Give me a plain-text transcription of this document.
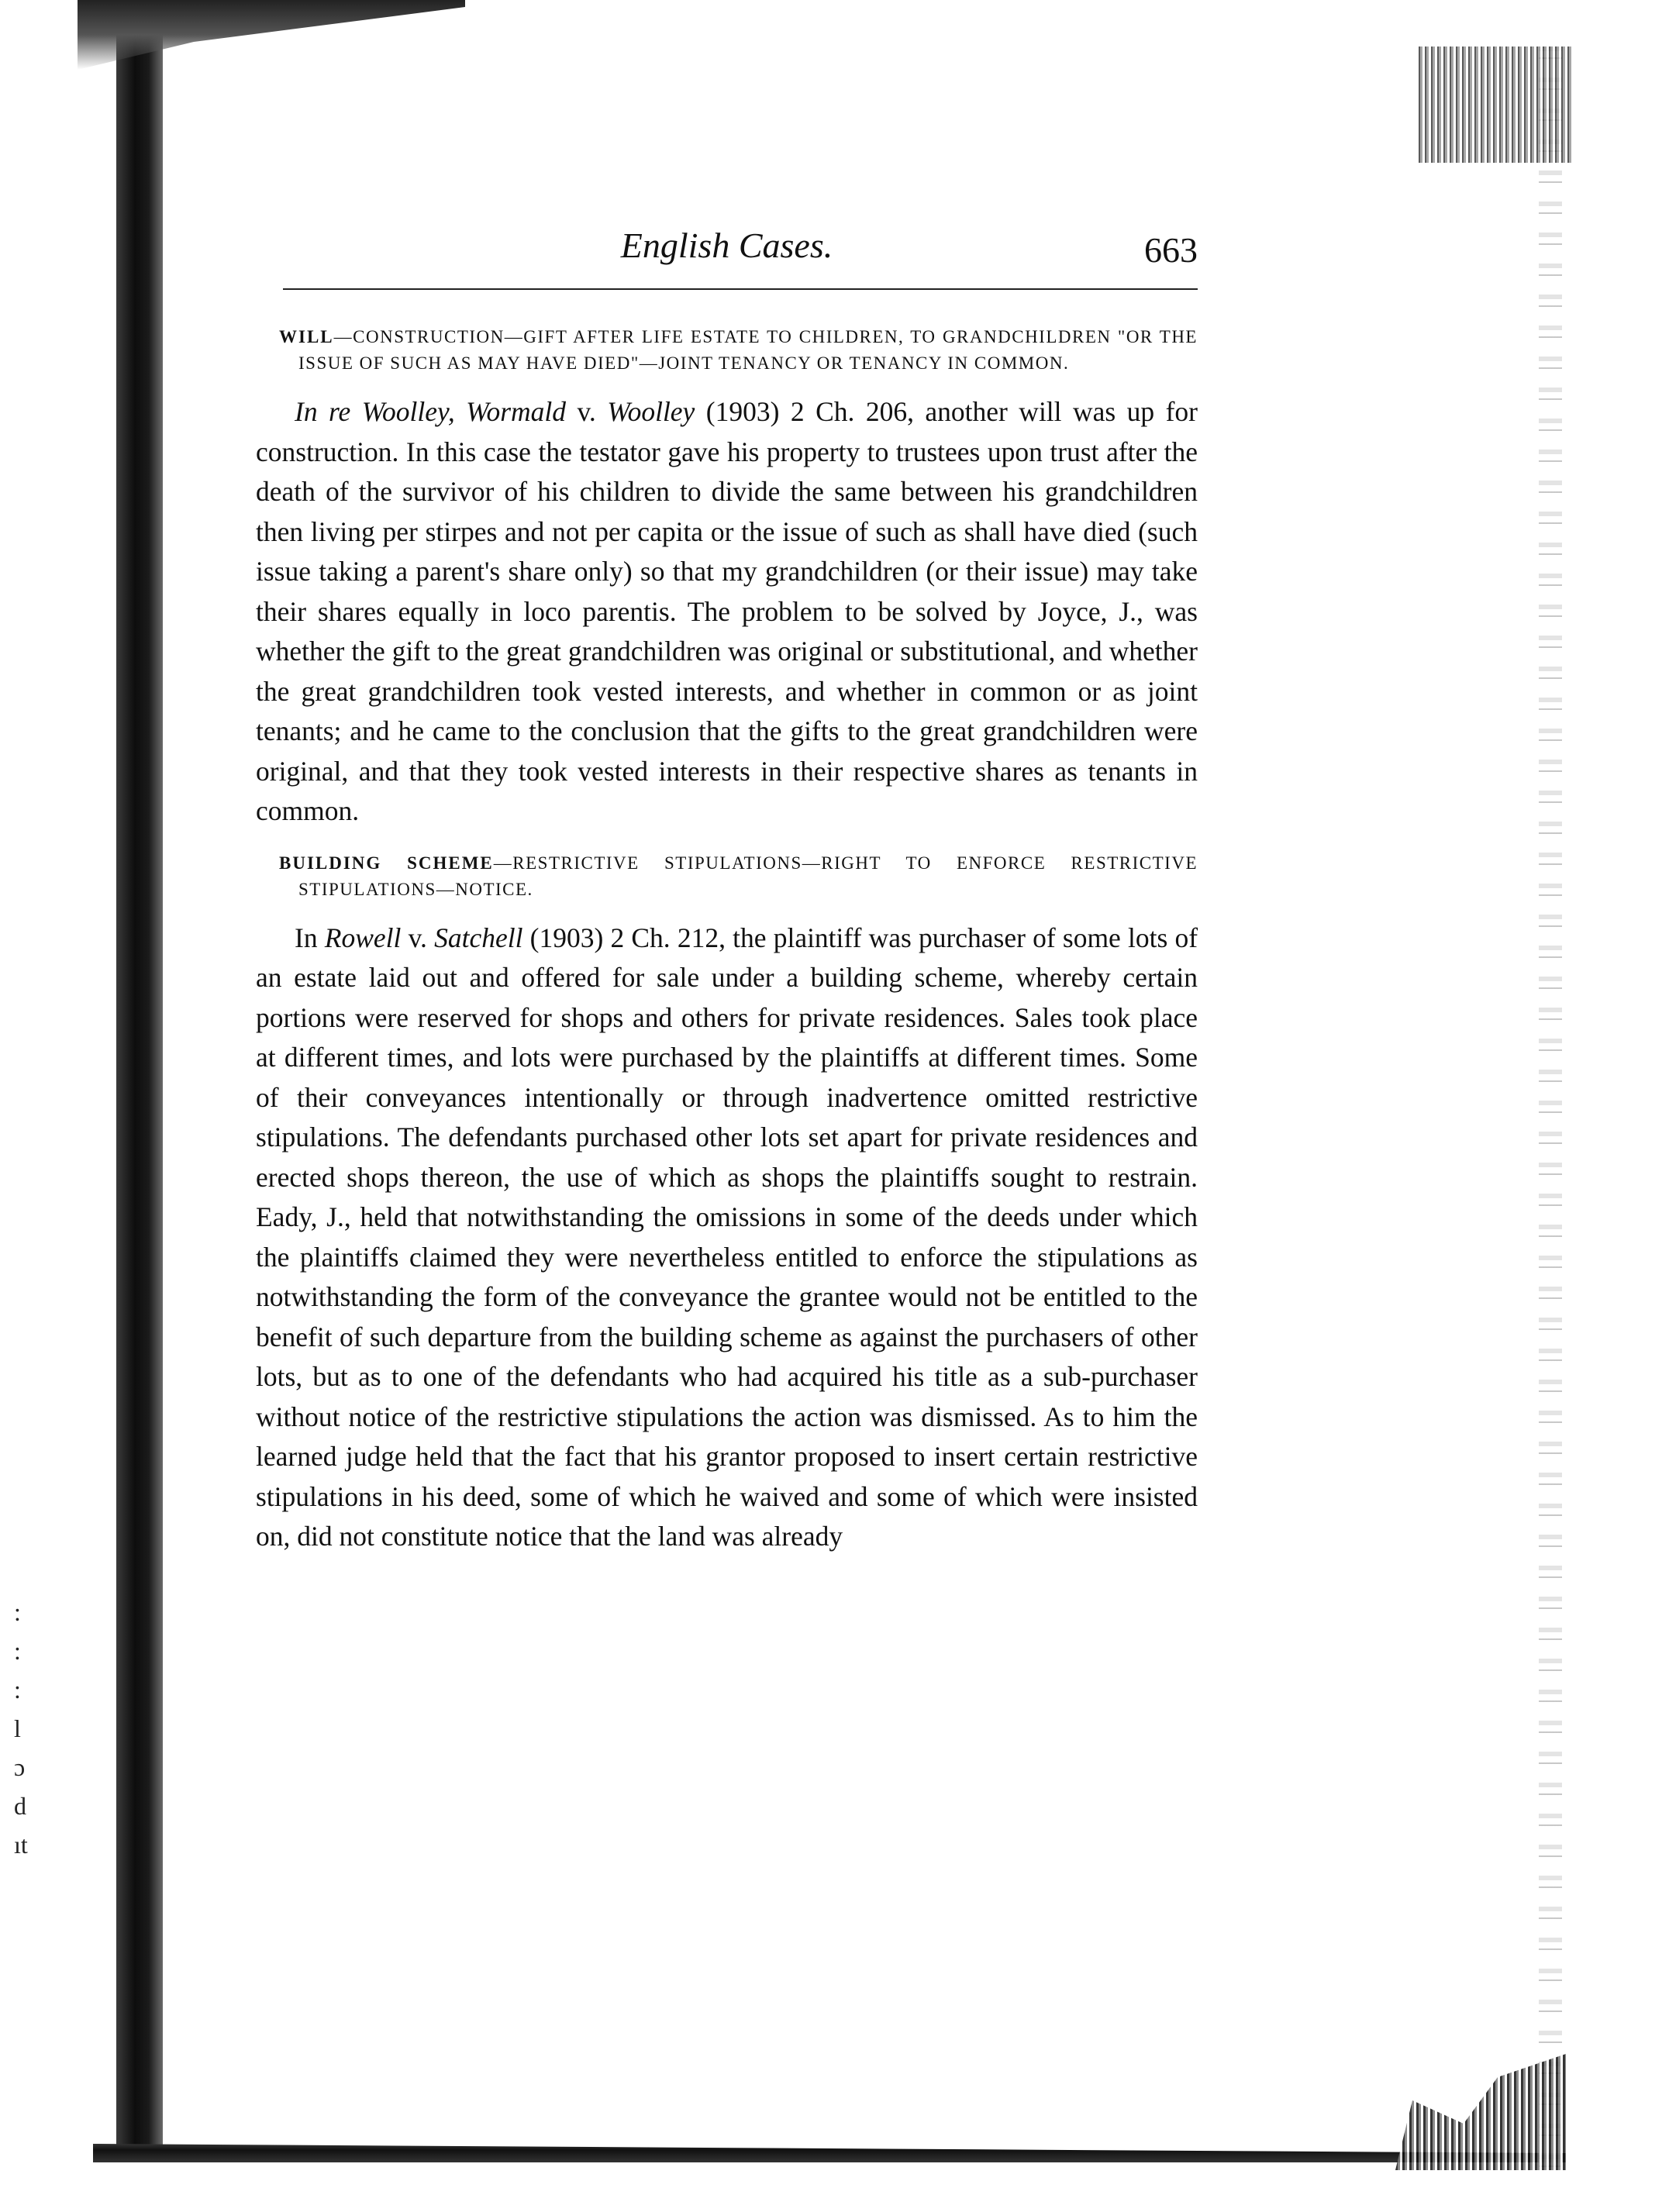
:
:
:
l
ɔ
d
ıt
English Cases.	663

WILL—CONSTRUCTION—GIFT AFTER LIFE ESTATE TO CHILDREN, TO GRANDCHILDREN "OR THE ISSUE OF SUCH AS MAY HAVE DIED"—JOINT TENANCY OR TENANCY IN COMMON.

In re Woolley, Wormald v. Woolley (1903) 2 Ch. 206, another will was up for construction. In this case the testator gave his property to trustees upon trust after the death of the survivor of his children to divide the same between his grandchildren then living per stirpes and not per capita or the issue of such as shall have died (such issue taking a parent's share only) so that my grandchildren (or their issue) may take their shares equally in loco parentis. The problem to be solved by Joyce, J., was whether the gift to the great grandchildren was original or substitutional, and whether the great grandchildren took vested interests, and whether in common or as joint tenants; and he came to the conclusion that the gifts to the great grandchildren were original, and that they took vested interests in their respective shares as tenants in common.

BUILDING SCHEME—RESTRICTIVE STIPULATIONS—RIGHT TO ENFORCE RESTRICTIVE STIPULATIONS—NOTICE.

In Rowell v. Satchell (1903) 2 Ch. 212, the plaintiff was purchaser of some lots of an estate laid out and offered for sale under a building scheme, whereby certain portions were reserved for shops and others for private residences. Sales took place at different times, and lots were purchased by the plaintiffs at different times. Some of their conveyances intentionally or through inadvertence omitted restrictive stipulations. The defendants purchased other lots set apart for private residences and erected shops thereon, the use of which as shops the plaintiffs sought to restrain. Eady, J., held that notwithstanding the omissions in some of the deeds under which the plaintiffs claimed they were nevertheless entitled to enforce the stipulations as notwithstanding the form of the conveyance the grantee would not be entitled to the benefit of such departure from the building scheme as against the purchasers of other lots, but as to one of the defendants who had acquired his title as a sub-purchaser without notice of the restrictive stipulations the action was dismissed. As to him the learned judge held that the fact that his grantor proposed to insert certain restrictive stipulations in his deed, some of which he waived and some of which were insisted on, did not constitute notice that the land was already
